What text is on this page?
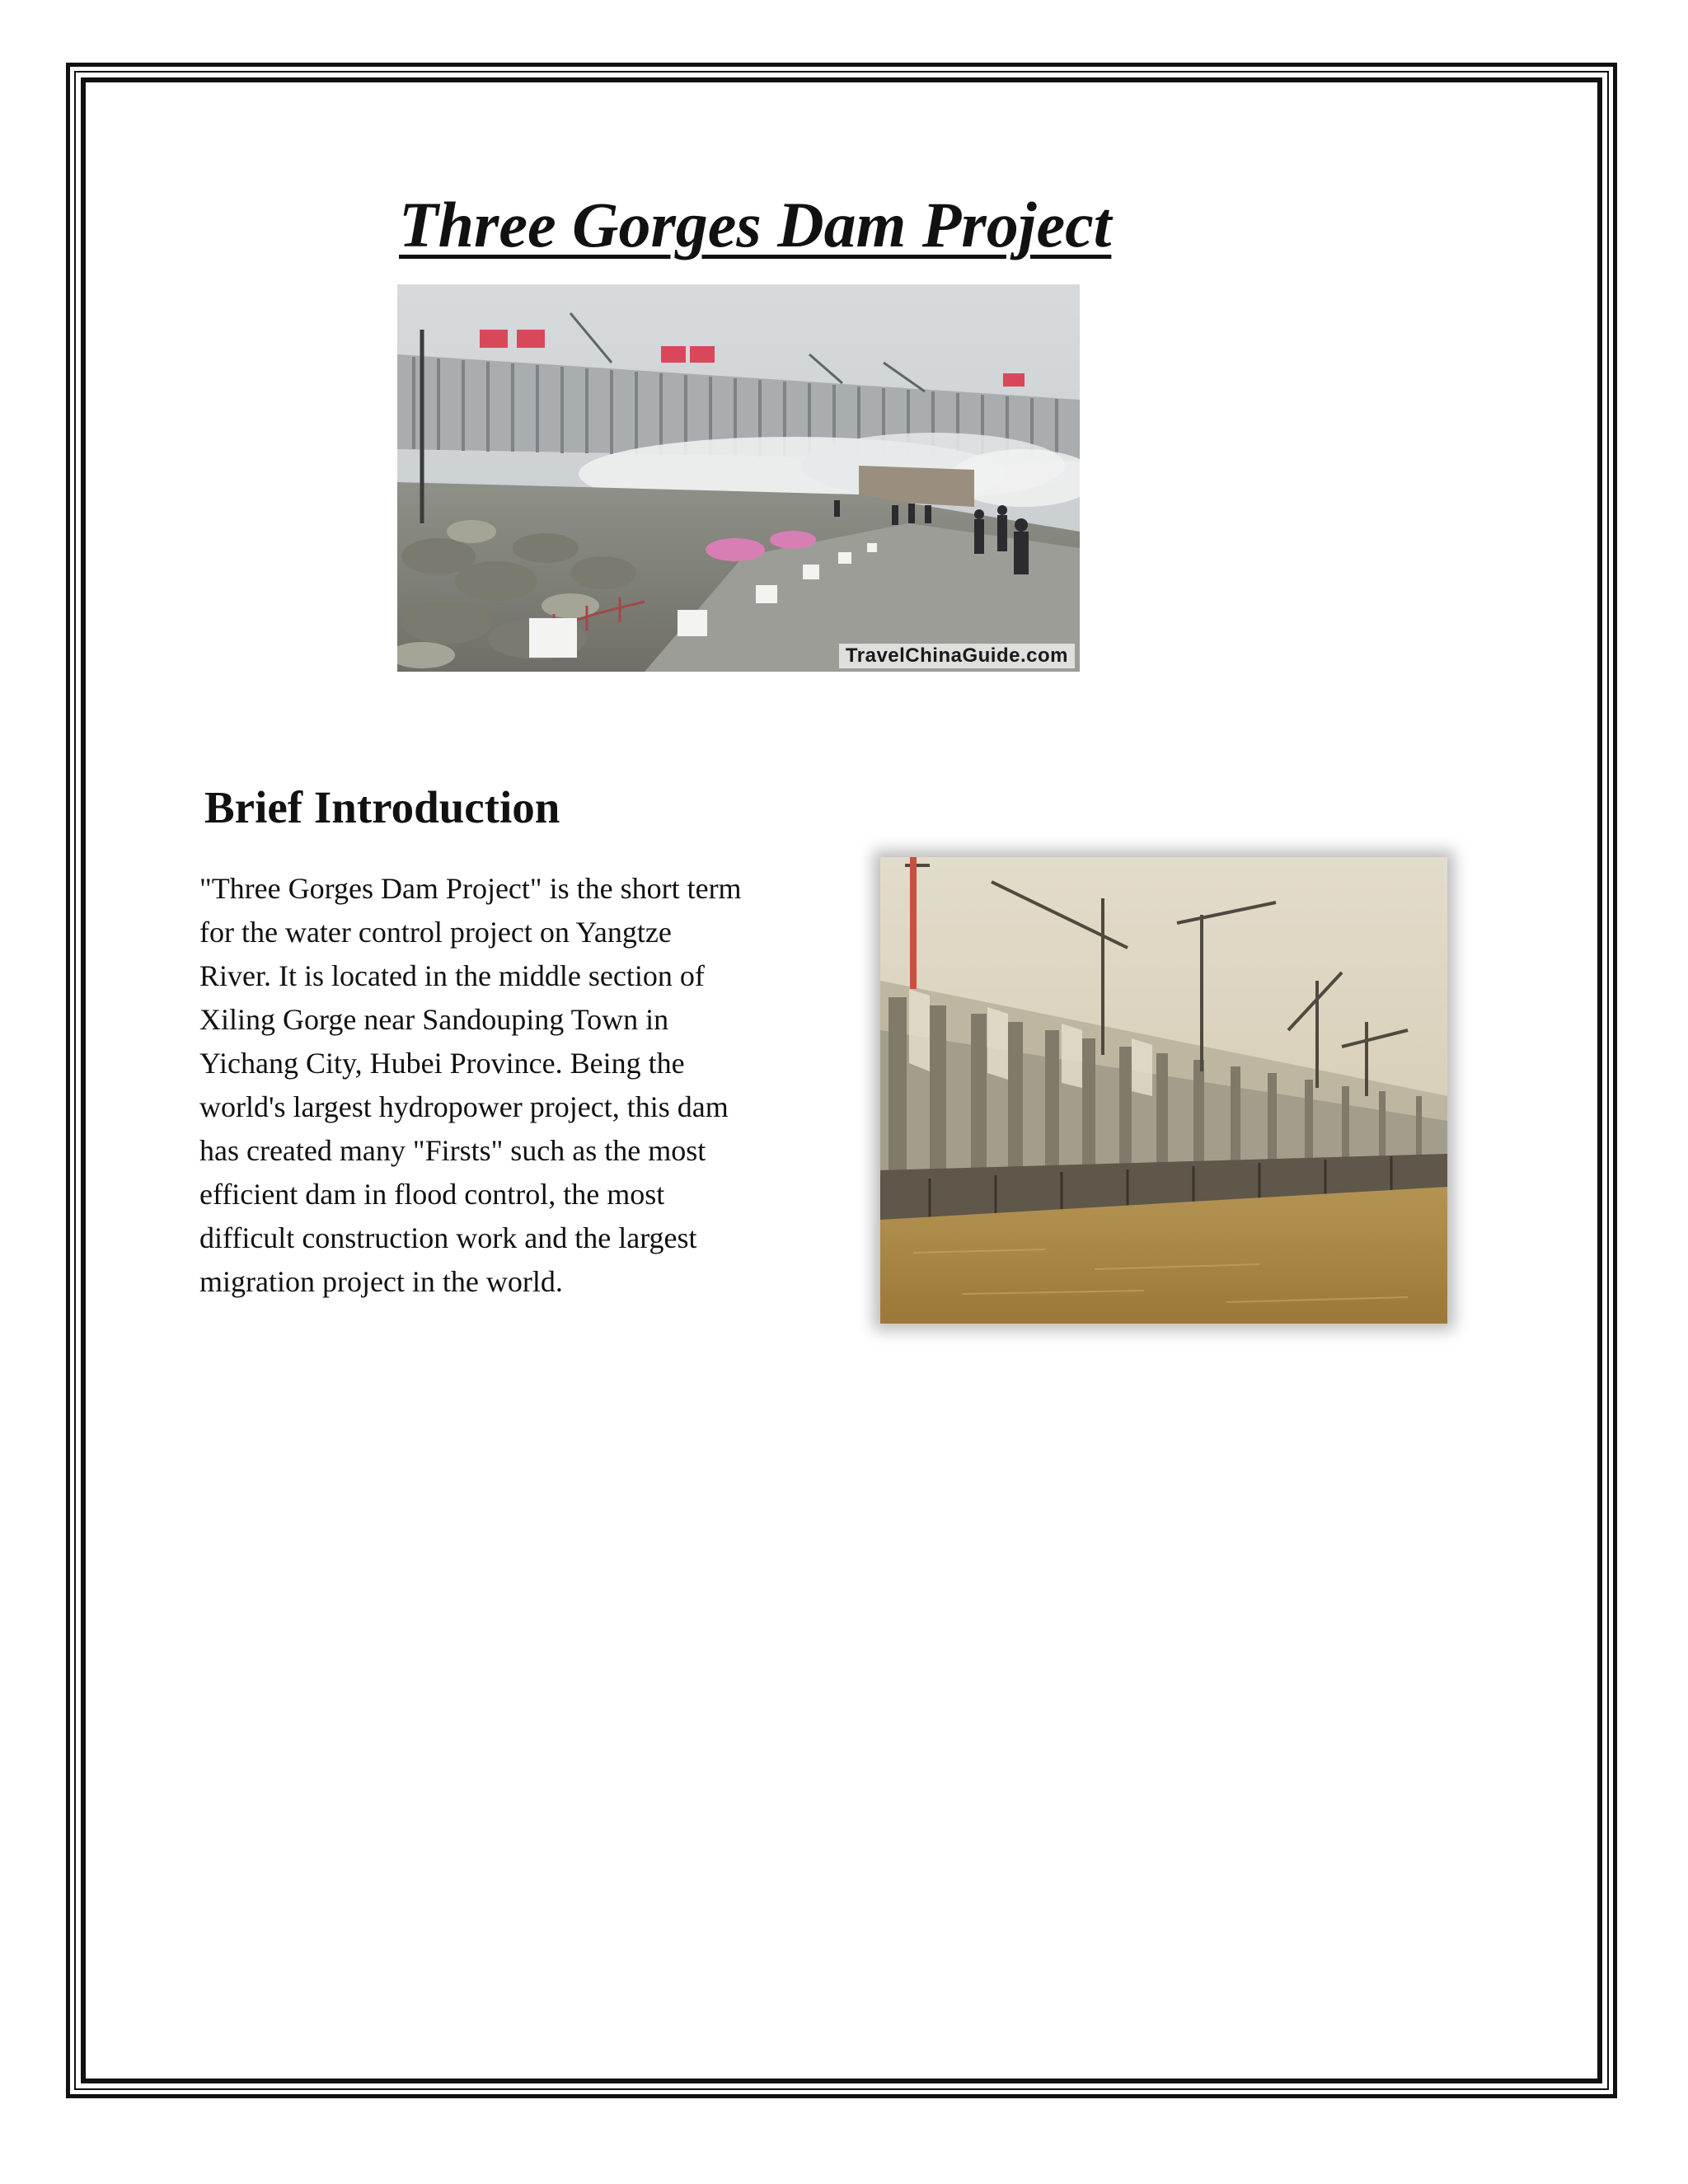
Three Gorges Dam Project
TravelChinaGuide.com
Brief Introduction

"Three Gorges Dam Project" is the short term
for the water control project on Yangtze
River. It is located in the middle section of
Xiling Gorge near Sandouping Town in
Yichang City, Hubei Province. Being the
world's largest hydropower project, this dam
has created many "Firsts" such as the most
efficient dam in flood control, the most
difficult construction work and the largest
migration project in the world.
